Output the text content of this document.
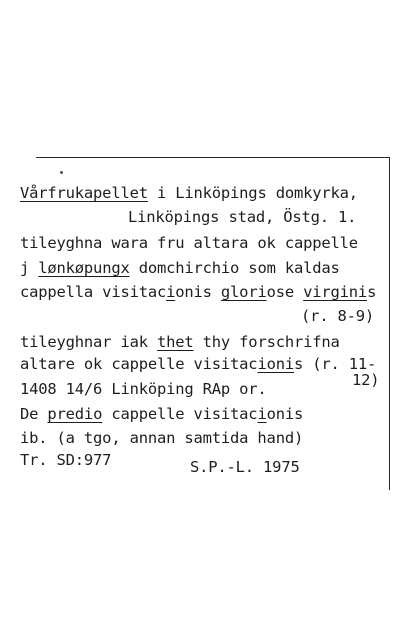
Vårfrukapellet i Linköpings domkyrka,
Linköpings stad, Östg. 1.
tileyghna wara fru altara ok cappelle
j lønkøpungx domchirchio som kaldas
cappella visitacionis gloriose virginis
(r. 8-9)
tileyghnar iak thet thy forschrifna
altare ok cappelle visitacionis (r. 11-
12)
1408 14/6 Linköping RAp or.
De predio cappelle visitacionis
ib. (a tgo, annan samtida hand)
Tr. SD:977	S.P.-L. 1975
